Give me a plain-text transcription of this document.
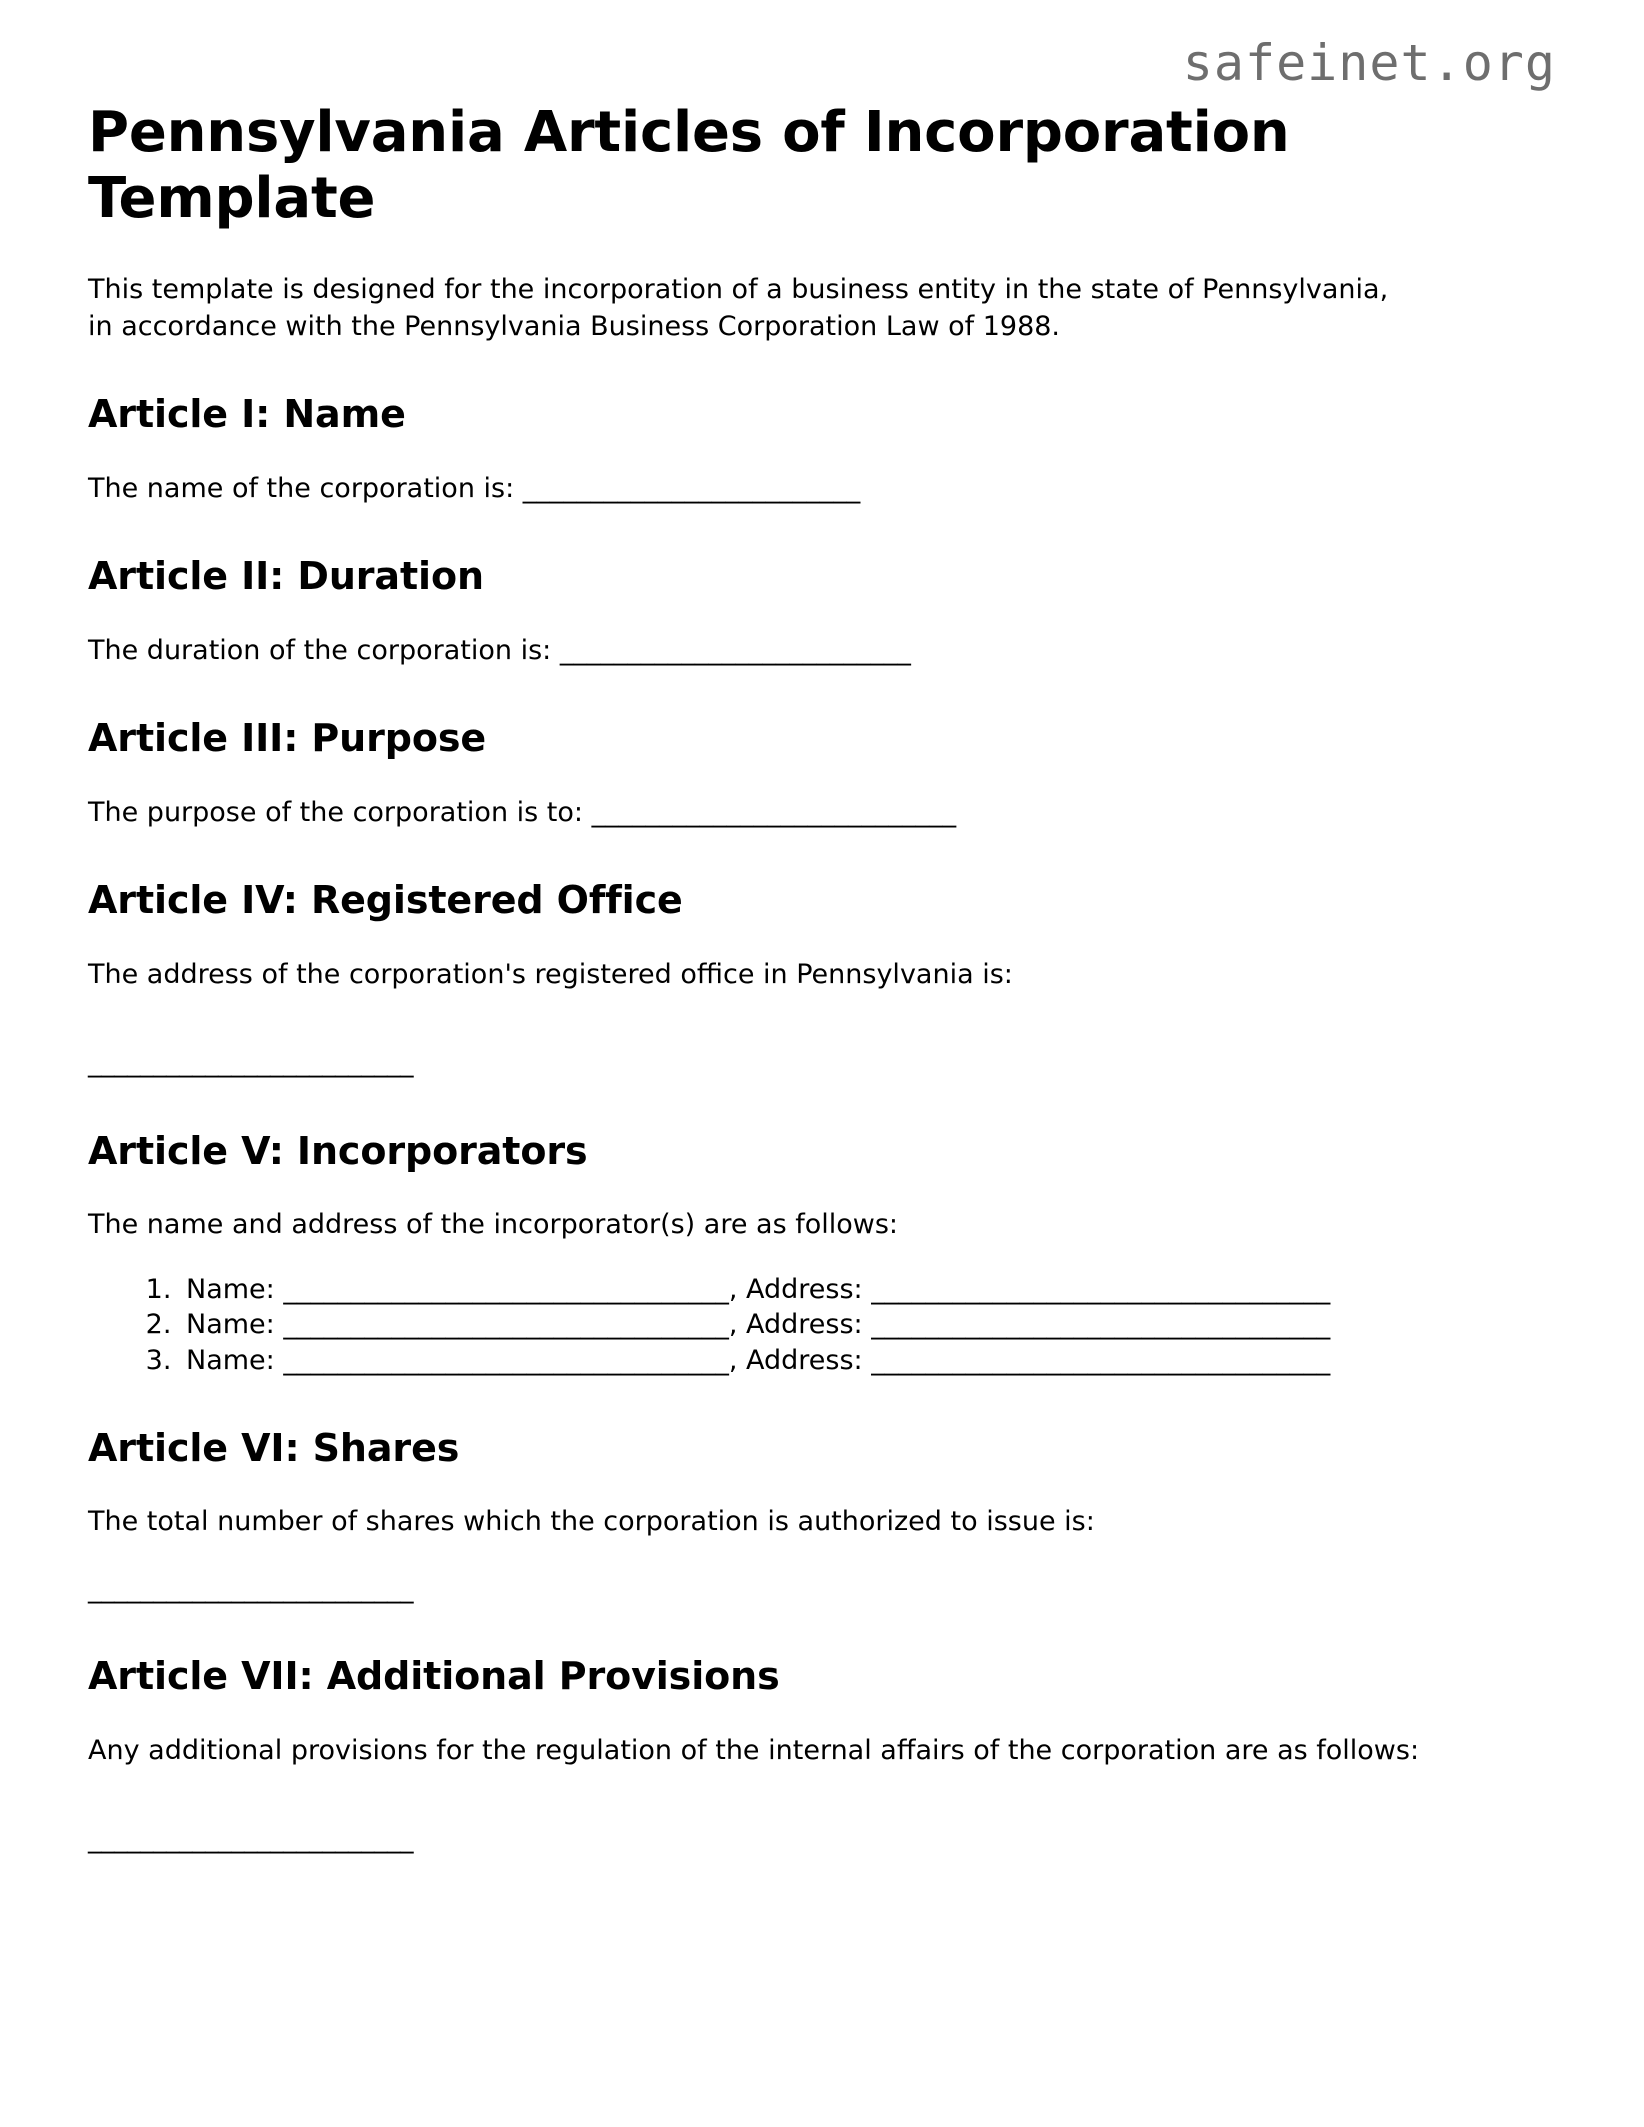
safeinet.org
Pennsylvania Articles of Incorporation Template

This template is designed for the incorporation of a business entity in the state of Pennsylvania, in accordance with the Pennsylvania Business Corporation Law of 1988.

Article I: Name

The name of the corporation is: _________________________

Article II: Duration

The duration of the corporation is: __________________________

Article III: Purpose

The purpose of the corporation is to: ___________________________

Article IV: Registered Office

The address of the corporation's registered office in Pennsylvania is:

_________________________

Article V: Incorporators

The name and address of the incorporator(s) are as follows:

1. Name: _________________________________, Address: __________________________________
2. Name: _________________________________, Address: __________________________________
3. Name: _________________________________, Address: __________________________________
Article VI: Shares

The total number of shares which the corporation is authorized to issue is:

_________________________

Article VII: Additional Provisions

Any additional provisions for the regulation of the internal affairs of the corporation are as follows:

_________________________
